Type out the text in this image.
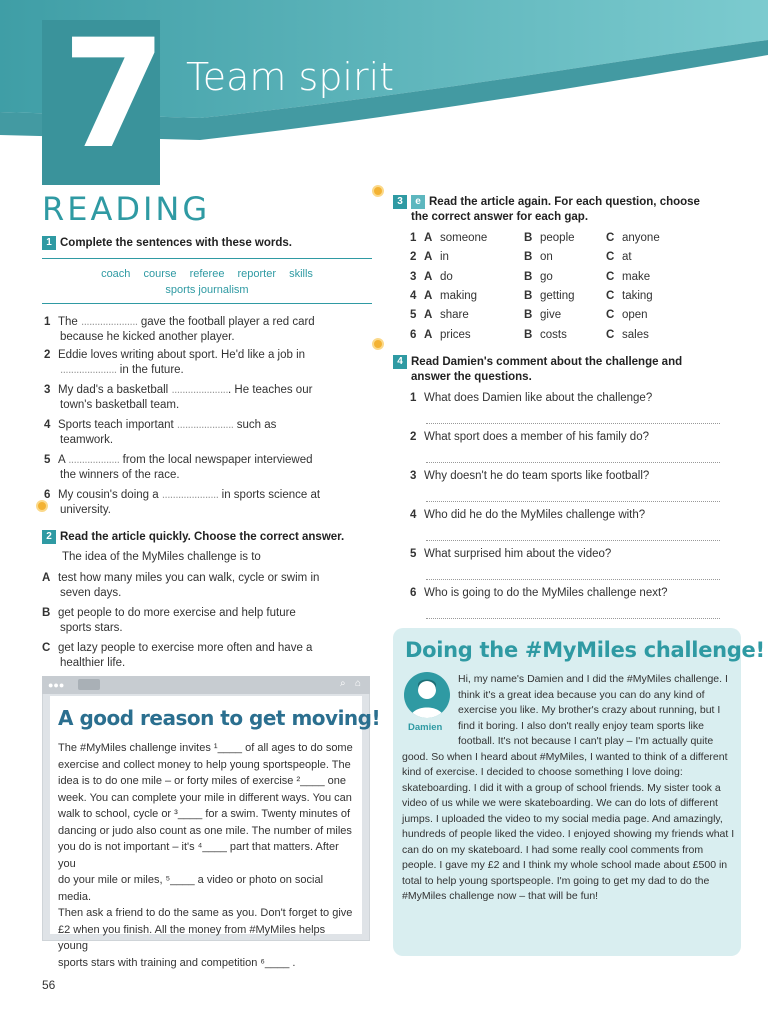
7 Team spirit
READING
1 Complete the sentences with these words.
coach course referee reporter skills
sports journalism
1 The ..................... gave the football player a red card
because he kicked another player.
2 Eddie loves writing about sport. He'd like a job in
..................... in the future.
3 My dad's a basketball ...................... He teaches our
town's basketball team.
4 Sports teach important ..................... such as
teamwork.
5 A ................... from the local newspaper interviewed
the winners of the race.
6 My cousin's doing a ..................... in sports science at
university.
2 Read the article quickly. Choose the correct answer.
The idea of the MyMiles challenge is to
A test how many miles you can walk, cycle or swim in
seven days.
B get people to do more exercise and help future
sports stars.
C get lazy people to exercise more often and have a
healthier life.
●●●	⌕ ⌂
A good reason to get moving!
The #MyMiles challenge invites ¹____ of all ages to do some
exercise and collect money to help young sportspeople. The
idea is to do one mile – or forty miles of exercise ²____ one
week. You can complete your mile in different ways. You can
walk to school, cycle or ³____ for a swim. Twenty minutes of
dancing or judo also count as one mile. The number of miles
you do is not important – it's ⁴____ part that matters. After you
do your mile or miles, ⁵____ a video or photo on social media.
Then ask a friend to do the same as you. Don't forget to give
£2 when you finish. All the money from #MyMiles helps young
sports stars with training and competition ⁶____ .
3 e Read the article again. For each question, choose
the correct answer for each gap.
1 A someone	B people	C anyone
2 A in	B on	C at
3 A do	B go	C make
4 A making	B getting	C taking
5 A share	B give	C open
6 A prices	B costs	C sales
4 Read Damien's comment about the challenge and
answer the questions.
1 What does Damien like about the challenge?
2 What sport does a member of his family do?
3 Why doesn't he do team sports like football?
4 Who did he do the MyMiles challenge with?
5 What surprised him about the video?
6 Who is going to do the MyMiles challenge next?
Doing the #MyMiles challenge!
Damien
Hi, my name's Damien and I did the #MyMiles challenge. I think it's a great idea because you can do any kind of exercise you like. My brother's crazy about running, but I find it boring. I also don't really enjoy team sports like football. It's not because I can't play – I'm actually quite good. So when I heard about #MyMiles, I wanted to think of a different kind of exercise. I decided to choose something I love doing: skateboarding. I did it with a group of school friends. My sister took a video of us while we were skateboarding. We can do lots of different jumps. I uploaded the video to my social media page. And amazingly, hundreds of people liked the video. I enjoyed showing my friends what I can do on my skateboard. I had some really cool comments from people. I gave my £2 and I think my whole school made about £500 in total to help young sportspeople. I'm going to get my dad to do the #MyMiles challenge now – that will be fun!
56
